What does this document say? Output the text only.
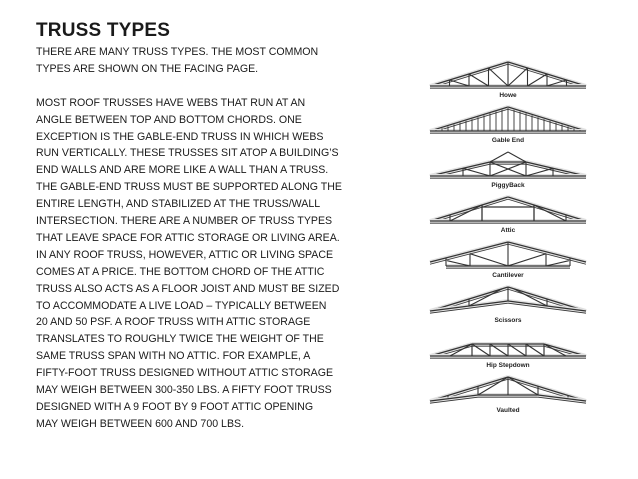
TRUSS TYPES

THERE ARE MANY TRUSS TYPES. THE MOST COMMON

TYPES ARE SHOWN ON THE FACING PAGE.

MOST ROOF TRUSSES HAVE WEBS THAT RUN AT AN

ANGLE BETWEEN TOP AND BOTTOM CHORDS. ONE

EXCEPTION IS THE GABLE-END TRUSS IN WHICH WEBS

RUN VERTICALLY. THESE TRUSSES SIT ATOP A BUILDING’S

END WALLS AND ARE MORE LIKE A WALL THAN A TRUSS.

THE GABLE-END TRUSS MUST BE SUPPORTED ALONG THE

ENTIRE LENGTH, AND STABILIZED AT THE TRUSS/WALL

INTERSECTION. THERE ARE A NUMBER OF TRUSS TYPES

THAT LEAVE SPACE FOR ATTIC STORAGE OR LIVING AREA.

IN ANY ROOF TRUSS, HOWEVER, ATTIC OR LIVING SPACE

COMES AT A PRICE. THE BOTTOM CHORD OF THE ATTIC

TRUSS ALSO ACTS AS A FLOOR JOIST AND MUST BE SIZED

TO ACCOMMODATE A LIVE LOAD – TYPICALLY BETWEEN

20 AND 50 PSF. A ROOF TRUSS WITH ATTIC STORAGE

TRANSLATES TO ROUGHLY TWICE THE WEIGHT OF THE

SAME TRUSS SPAN WITH NO ATTIC. FOR EXAMPLE, A

FIFTY-FOOT TRUSS DESIGNED WITHOUT ATTIC STORAGE

MAY WEIGH BETWEEN 300-350 LBS. A FIFTY FOOT TRUSS

DESIGNED WITH A 9 FOOT BY 9 FOOT ATTIC OPENING

MAY WEIGH BETWEEN 600 AND 700 LBS.

Howe
Gable End
PiggyBack
Attic
Cantilever
Scissors
Hip Stepdown
Vaulted
